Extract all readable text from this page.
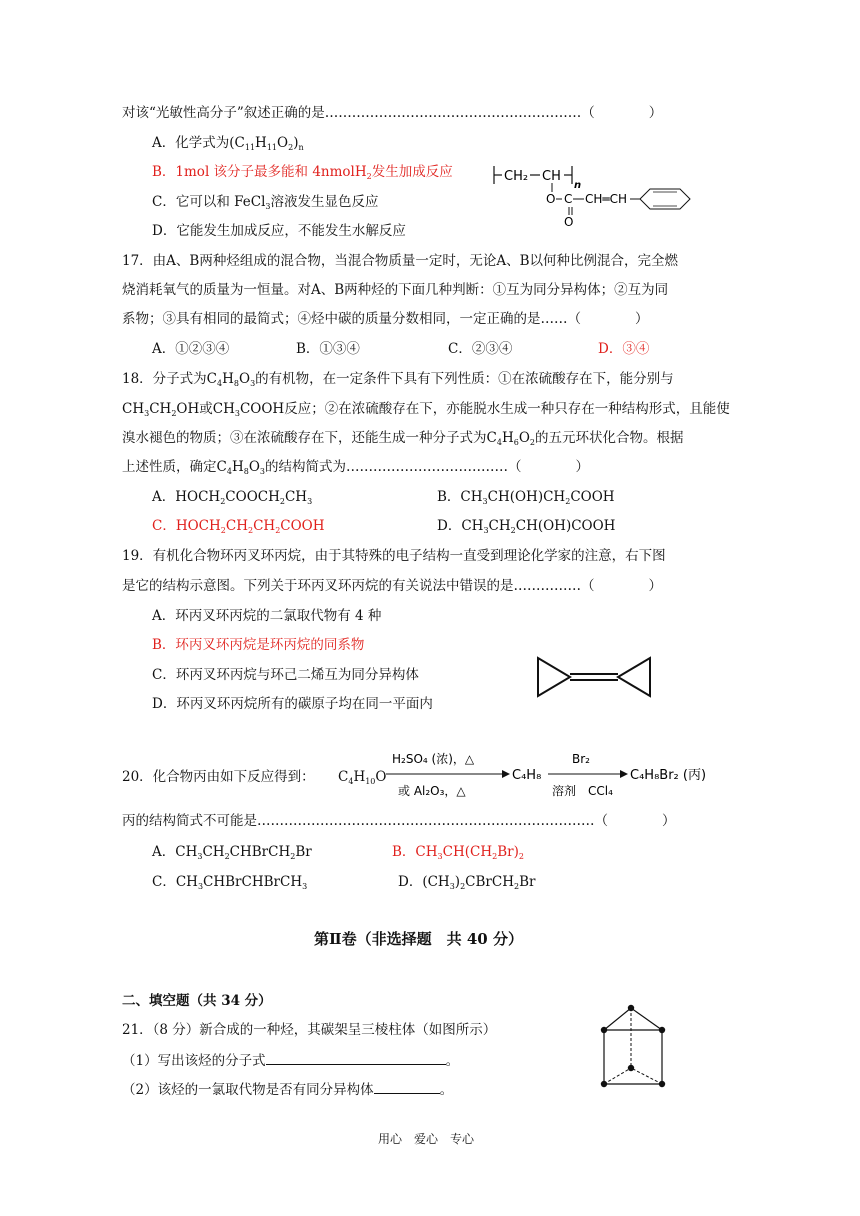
对该“光敏性高分子”叙述正确的是…………………………………………………（　　　　）
A．化学式为$(C_{11}H_{11}O_2)_n$
B．1mol 该分子最多能和 4nmolH$_2$发生加成反应
C．它可以和 FeCl$_3$溶液发生显色反应
D．它能发生加成反应，不能发生水解反应
CH₂ CH
n
O C
O
CH═CH
17．由A、B两种烃组成的混合物，当混合物质量一定时，无论A、B以何种比例混合，完全燃
烧消耗氧气的质量为一恒量。对A、B两种烃的下面几种判断：①互为同分异构体；②互为同
系物；③具有相同的最简式；④烃中碳的质量分数相同，一定正确的是……（　　　　）
A．①②③④	B．①③④	C．②③④	D．③④
18．分子式为$C_4H_8O_3$的有机物，在一定条件下具有下列性质：①在浓硫酸存在下，能分别与
$CH_3CH_2OH$或$CH_3COOH$反应；②在浓硫酸存在下，亦能脱水生成一种只存在一种结构形式，且能使
溴水褪色的物质；③在浓硫酸存在下，还能生成一种分子式为$C_4H_6O_2$的五元环状化合物。根据
上述性质，确定$C_4H_8O_3$的结构简式为………………………………（　　　　）
A．$HOCH_2COOCH_2CH_3$	B．$CH_3CH(OH)CH_2COOH$
C．$HOCH_2CH_2CH_2COOH$	D．$CH_3CH_2CH(OH)COOH$
19．有机化合物环丙叉环丙烷，由于其特殊的电子结构一直受到理论化学家的注意，右下图
是它的结构示意图。下列关于环丙叉环丙烷的有关说法中错误的是……………（　　　　）
A．环丙叉环丙烷的二氯取代物有 4 种
B．环丙叉环丙烷是环丙烷的同系物
C．环丙叉环丙烷与环己二烯互为同分异构体
D．环丙叉环丙烷所有的碳原子均在同一平面内
20．化合物丙由如下反应得到： $C_4H_{10}O$
H₂SO₄ (浓)，△
或 Al₂O₃，△
C₄H₈
Br₂
溶剂　CCl₄
C₄H₈Br₂ (丙)
丙的结构简式不可能是…………………………………………………………………（　　　　）
A．$CH_3CH_2CHBrCH_2Br$	B．$CH_3CH(CH_2Br)_2$
C．$CH_3CHBrCHBrCH_3$	D．$(CH_3)_2CBrCH_2Br$
第Ⅱ卷（非选择题　共 40 分）
二、填空题（共 34 分）
21．（8 分）新合成的一种烃，其碳架呈三棱柱体（如图所示）
（1）写出该烃的分子式	。
（2）该烃的一氯取代物是否有同分异构体	。
用心　爱心　专心
